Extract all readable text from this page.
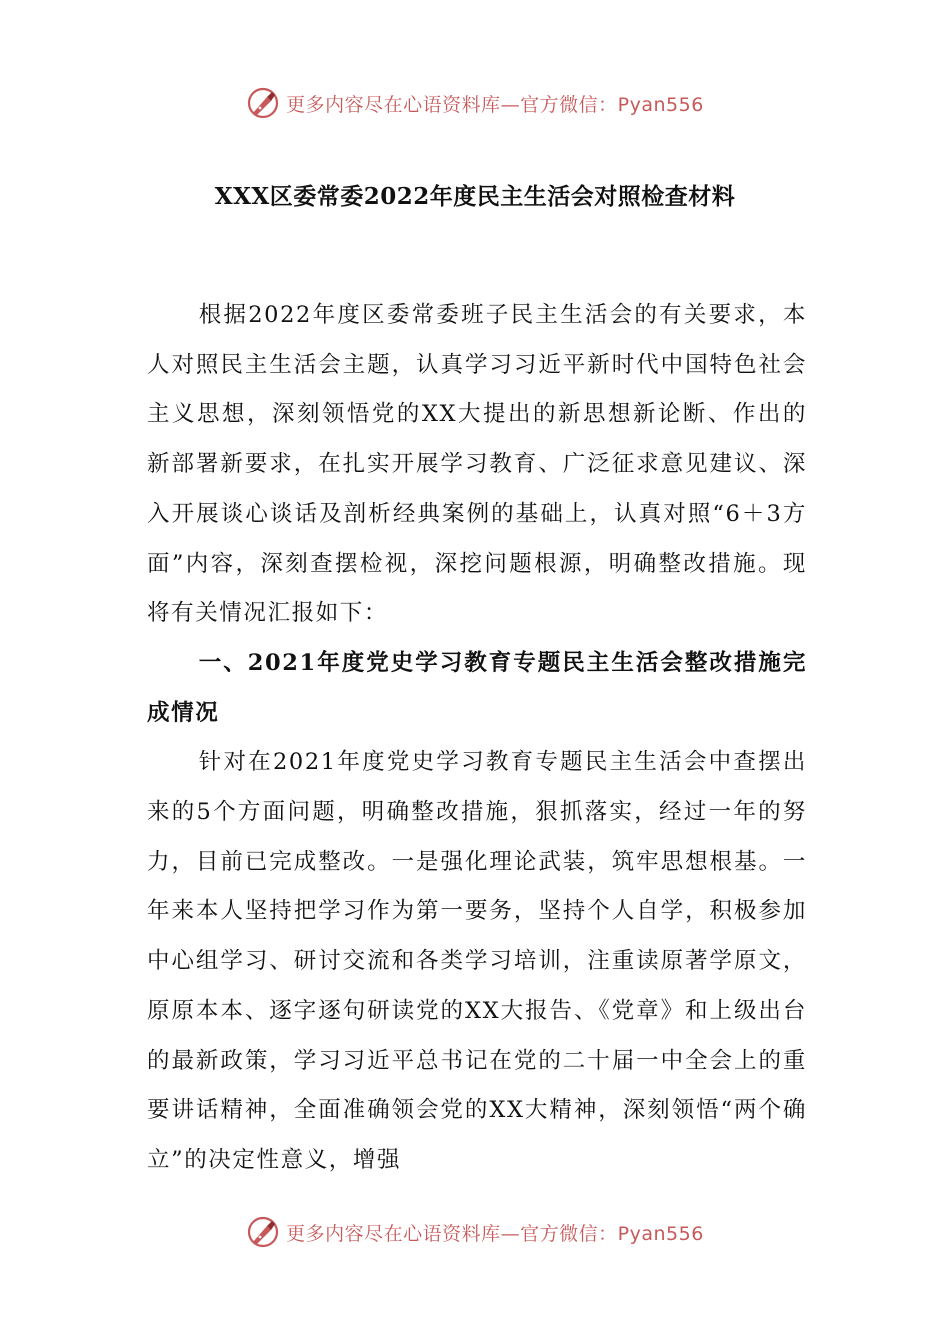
更多内容尽在心语资料库—官方微信：Pyan556
XXX区委常委2022年度民主生活会对照检查材料

根据2022年度区委常委班子民主生活会的有关要求，本人对照民主生活会主题，认真学习习近平新时代中国特色社会主义思想，深刻领悟党的XX大提出的新思想新论断、作出的新部署新要求，在扎实开展学习教育、广泛征求意见建议、深入开展谈心谈话及剖析经典案例的基础上，认真对照“6＋3方面”内容，深刻查摆检视，深挖问题根源，明确整改措施。现将有关情况汇报如下：

一、2021年度党史学习教育专题民主生活会整改措施完成情况

针对在2021年度党史学习教育专题民主生活会中查摆出来的5个方面问题，明确整改措施，狠抓落实，经过一年的努力，目前已完成整改。一是强化理论武装，筑牢思想根基。一年来本人坚持把学习作为第一要务，坚持个人自学，积极参加中心组学习、研讨交流和各类学习培训，注重读原著学原文，原原本本、逐字逐句研读党的XX大报告、《党章》和上级出台的最新政策，学习习近平总书记在党的二十届一中全会上的重要讲话精神，全面准确领会党的XX大精神，深刻领悟“两个确立”的决定性意义，增强

更多内容尽在心语资料库—官方微信：Pyan556
